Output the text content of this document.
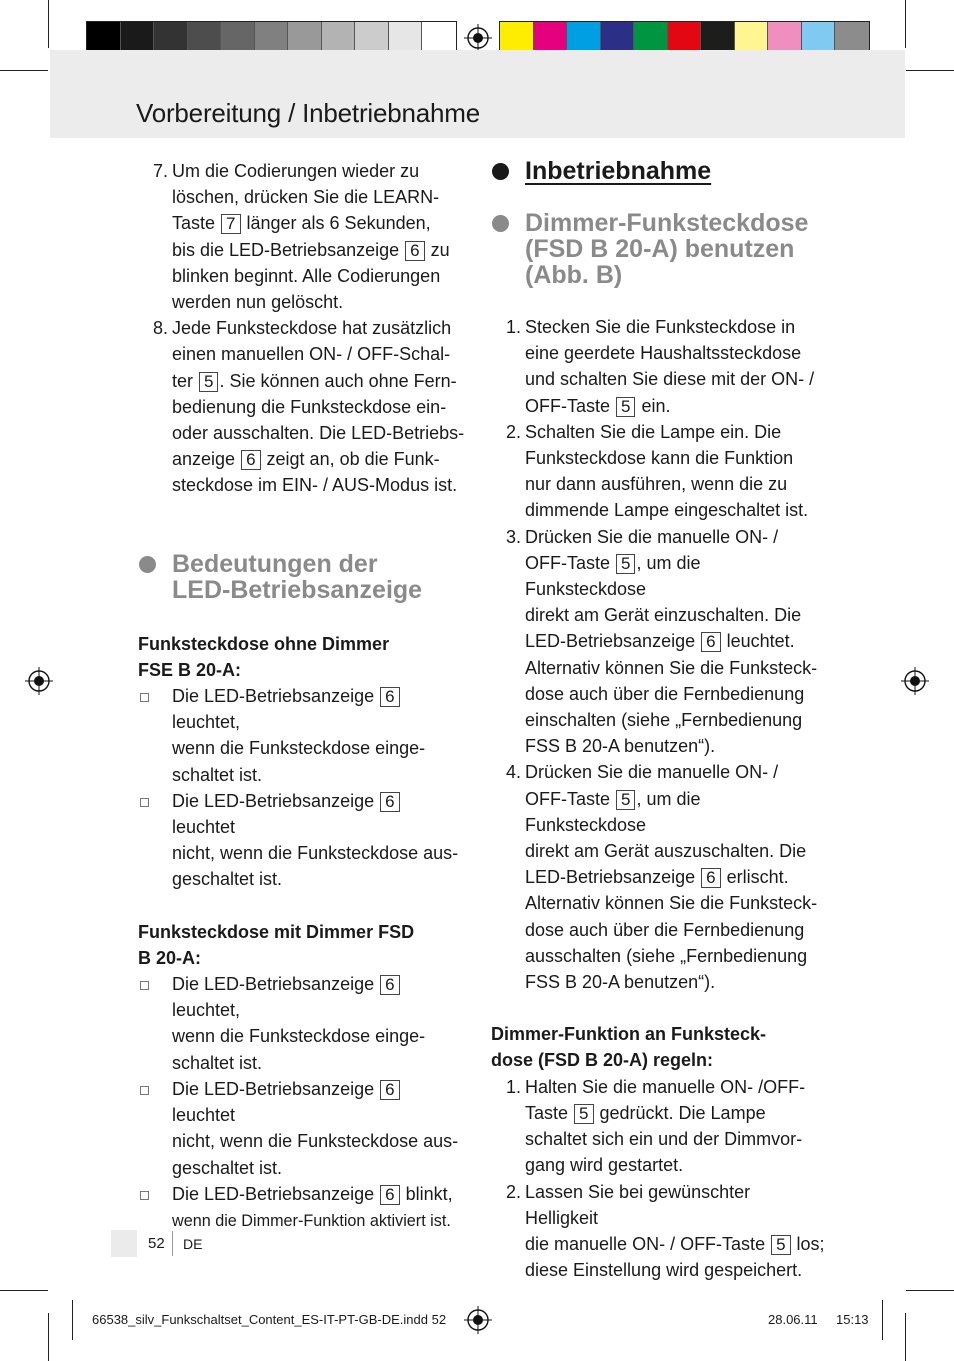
Vorbereitung / Inbetriebnahme
7. Um die Codierungen wieder zu
löschen, drücken Sie die LEARN-
Taste 7 länger als 6 Sekunden,
bis die LED-Betriebsanzeige 6 zu
blinken beginnt. Alle Codierungen
werden nun gelöscht.
8. Jede Funksteckdose hat zusätzlich
einen manuellen ON- / OFF-Schal-
ter 5 . Sie können auch ohne Fern-
bedienung die Funksteckdose ein-
oder ausschalten. Die LED-Betriebs-
anzeige 6 zeigt an, ob die Funk-
steckdose im EIN- / AUS-Modus ist.
Bedeutungen der
LED-Betriebsanzeige

Funksteckdose ohne Dimmer
FSE B 20-A:

Die LED-Betriebsanzeige 6 leuchtet,
wenn die Funksteckdose einge-
schaltet ist.
Die LED-Betriebsanzeige 6 leuchtet
nicht, wenn die Funksteckdose aus-
geschaltet ist.

Funksteckdose mit Dimmer FSD
B 20-A:

Die LED-Betriebsanzeige 6 leuchtet,
wenn die Funksteckdose einge-
schaltet ist.
Die LED-Betriebsanzeige 6 leuchtet
nicht, wenn die Funksteckdose aus-
geschaltet ist.
Die LED-Betriebsanzeige 6 blinkt,
wenn die Dimmer-Funktion aktiviert ist.
Inbetriebnahme
Dimmer-Funksteckdose
(FSD B 20-A) benutzen
(Abb. B)
1. Stecken Sie die Funksteckdose in
eine geerdete Haushaltssteckdose
und schalten Sie diese mit der ON- /
OFF-Taste 5 ein.
2. Schalten Sie die Lampe ein. Die
Funksteckdose kann die Funktion
nur dann ausführen, wenn die zu
dimmende Lampe eingeschaltet ist.
3. Drücken Sie die manuelle ON- /
OFF-Taste 5 , um die Funksteckdose
direkt am Gerät einzuschalten. Die
LED-Betriebsanzeige 6 leuchtet.
Alternativ können Sie die Funksteck-
dose auch über die Fernbedienung
einschalten (siehe „Fernbedienung
FSS B 20-A benutzen“).
4. Drücken Sie die manuelle ON- /
OFF-Taste 5 , um die Funksteckdose
direkt am Gerät auszuschalten. Die
LED-Betriebsanzeige 6 erlischt.
Alternativ können Sie die Funksteck-
dose auch über die Fernbedienung
ausschalten (siehe „Fernbedienung
FSS B 20-A benutzen“).

Dimmer-Funktion an Funksteck-
dose (FSD B 20-A) regeln:

1. Halten Sie die manuelle ON- /OFF-
Taste 5 gedrückt. Die Lampe
schaltet sich ein und der Dimmvor-
gang wird gestartet.
2. Lassen Sie bei gewünschter Helligkeit
die manuelle ON- / OFF-Taste 5 los;
diese Einstellung wird gespeichert.
52 DE
66538_silv_Funkschaltset_Content_ES-IT-PT-GB-DE.indd 52	28.06.11 15:13
